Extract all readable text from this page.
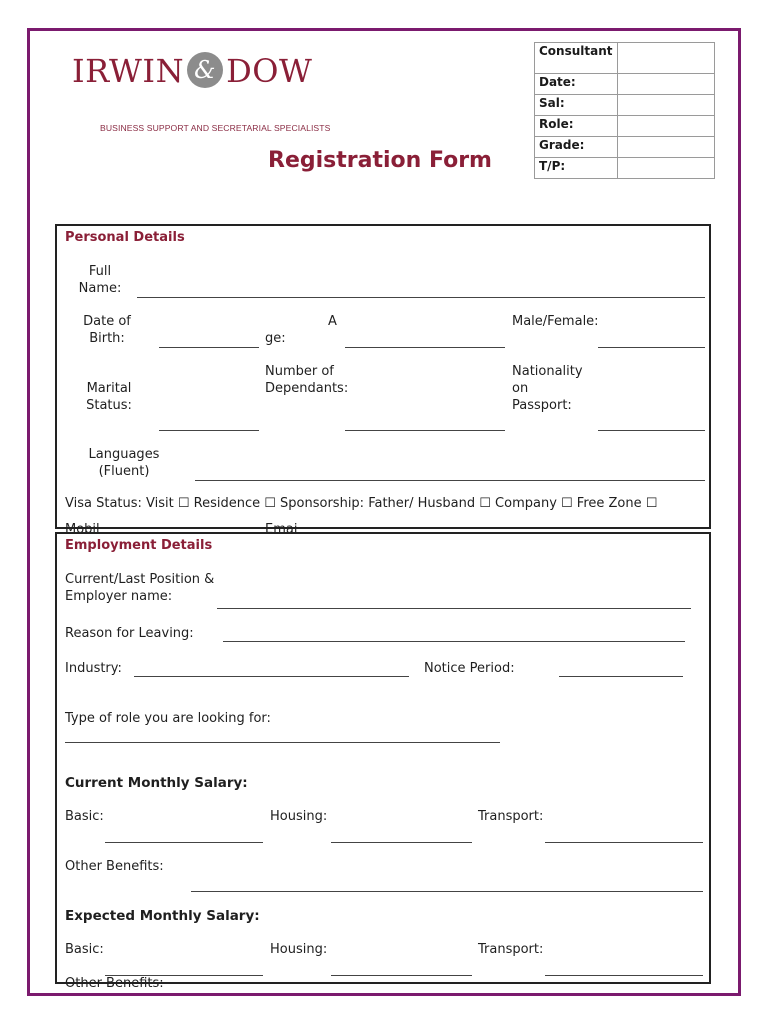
IRWIN & DOW
BUSINESS SUPPORT AND SECRETARIAL SPECIALISTS
Registration Form
Consultant	
Date:	
Sal:	
Role:	
Grade:	
T/P:	
Personal Details
Full Name:
Date of Birth:
A
ge:
Male/Female:
Marital Status:
Number of Dependants:
Nationality on Passport:
Languages (Fluent)
Visa Status: Visit ☐ Residence ☐ Sponsorship: Father/ Husband ☐ Company ☐ Free Zone ☐
Mobil	Emai
Employment Details
Current/Last Position & Employer name:
Reason for Leaving:
Industry:	Notice Period:
Type of role you are looking for:
Current Monthly Salary:
Basic:	Housing:	Transport:
Other Benefits:
Expected Monthly Salary:
Basic:	Housing:	Transport:
Other Benefits:
